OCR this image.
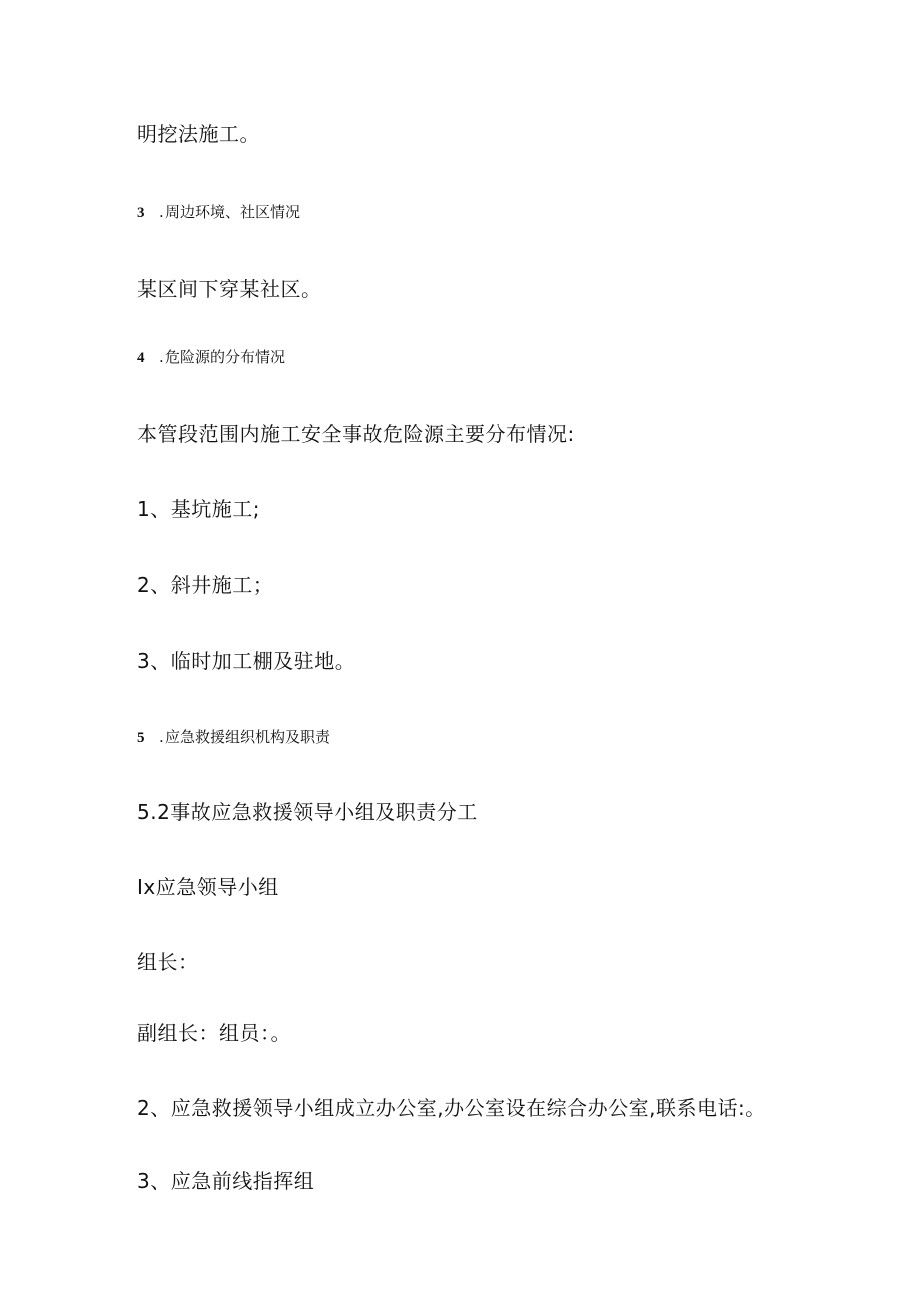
明挖法施工。

3 .周边环境、社区情况

某区间下穿某社区。

4 .危险源的分布情况

本管段范围内施工安全事故危险源主要分布情况:

1、基坑施工;

2、斜井施工；

3、临时加工棚及驻地。

5 .应急救援组织机构及职责

5.2事故应急救援领导小组及职责分工

Ix应急领导小组

组长：

副组长：组员：。

2、应急救援领导小组成立办公室,办公室设在综合办公室,联系电话:。

3、应急前线指挥组
